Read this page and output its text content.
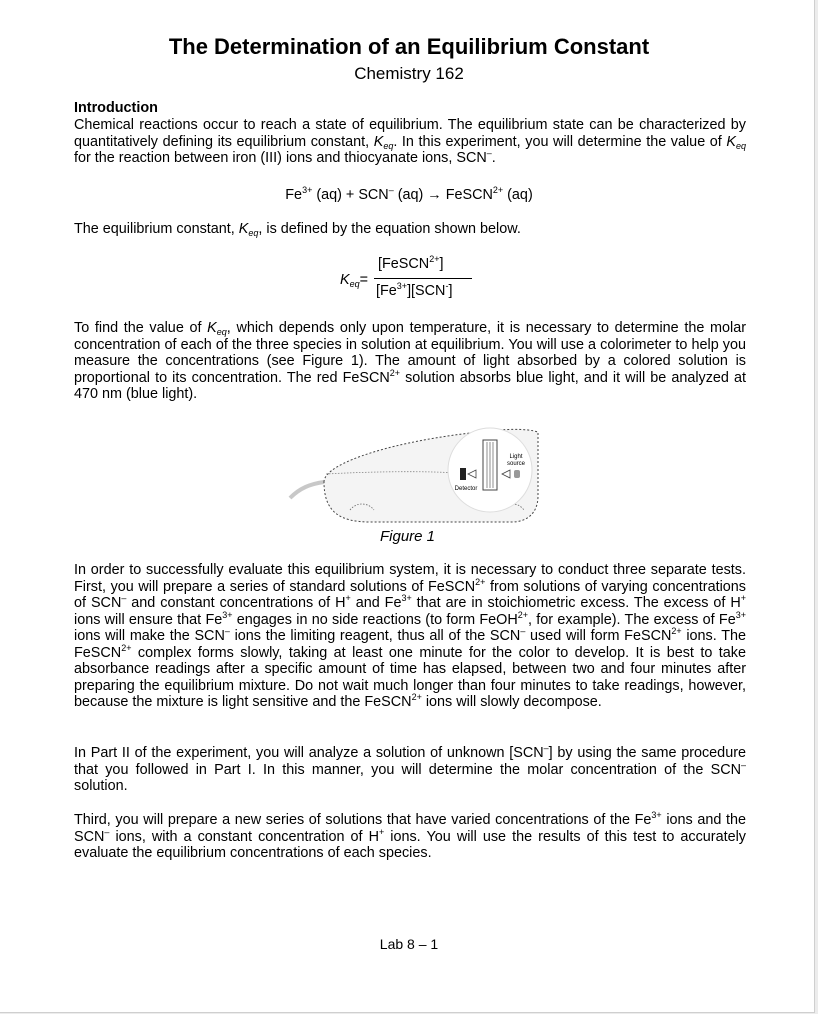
The Determination of an Equilibrium Constant
Chemistry 162
Introduction
Chemical reactions occur to reach a state of equilibrium. The equilibrium state can be characterized by quantitatively defining its equilibrium constant, $K_{eq}$. In this experiment, you will determine the value of $K_{eq}$ for the reaction between iron (III) ions and thiocyanate ions, SCN–.
$Fe^{3+}$ (aq) + SCN– (aq) → FeSCN$^{2+}$ (aq)
The equilibrium constant, $K_{eq}$, is defined by the equation shown below.
$K_{eq}=$
[FeSCN$^{2+}$]
$[Fe^{3+}][SCN^-]$
To find the value of $K_{eq}$, which depends only upon temperature, it is necessary to determine the molar concentration of each of the three species in solution at equilibrium. You will use a colorimeter to help you measure the concentrations (see Figure 1). The amount of light absorbed by a colored solution is proportional to its concentration. The red FeSCN$^{2+}$ solution absorbs blue light, and it will be analyzed at 470 nm (blue light).
Light
source
Detector
Figure 1
In order to successfully evaluate this equilibrium system, it is necessary to conduct three separate tests. First, you will prepare a series of standard solutions of FeSCN$^{2+}$ from solutions of varying concentrations of SCN– and constant concentrations of H+ and $Fe^{3+}$ that are in stoichiometric excess. The excess of H+ ions will ensure that $Fe^{3+}$ engages in no side reactions (to form FeOH$^{2+}$, for example). The excess of $Fe^{3+}$ ions will make the SCN– ions the limiting reagent, thus all of the SCN– used will form FeSCN$^{2+}$ ions. The FeSCN$^{2+}$ complex forms slowly, taking at least one minute for the color to develop. It is best to take absorbance readings after a specific amount of time has elapsed, between two and four minutes after preparing the equilibrium mixture. Do not wait much longer than four minutes to take readings, however, because the mixture is light sensitive and the FeSCN$^{2+}$ ions will slowly decompose.
In Part II of the experiment, you will analyze a solution of unknown [SCN–] by using the same procedure that you followed in Part I. In this manner, you will determine the molar concentration of the SCN– solution.
Third, you will prepare a new series of solutions that have varied concentrations of the $Fe^{3+}$ ions and the SCN– ions, with a constant concentration of H+ ions. You will use the results of this test to accurately evaluate the equilibrium concentrations of each species.
Lab 8 – 1
